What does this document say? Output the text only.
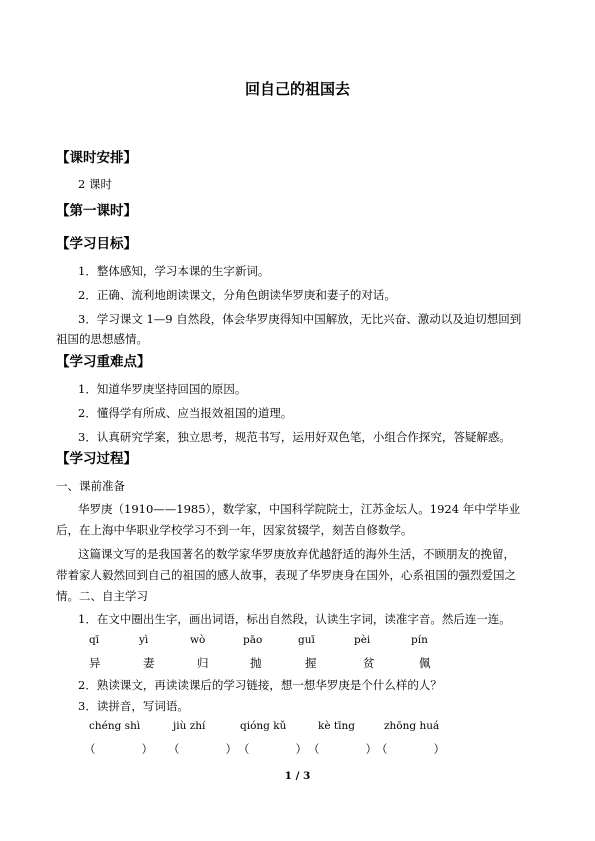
回自己的祖国去
【课时安排】
2 课时
【第一课时】
【学习目标】
1．整体感知，学习本课的生字新词。
2．正确、流利地朗读课文，分角色朗读华罗庚和妻子的对话。
3．学习课文 1—9 自然段，体会华罗庚得知中国解放，无比兴奋、激动以及迫切想回到
祖国的思想感情。
【学习重难点】
1．知道华罗庚坚持回国的原因。
2．懂得学有所成、应当报效祖国的道理。
3．认真研究学案，独立思考，规范书写，运用好双色笔，小组合作探究，答疑解惑。
【学习过程】
一、课前准备
华罗庚（1910——1985），数学家，中国科学院院士，江苏金坛人。1924 年中学毕业
后，在上海中华职业学校学习不到一年，因家贫辍学，刻苦自修数学。
这篇课文写的是我国著名的数学家华罗庚放弃优越舒适的海外生活，不顾朋友的挽留，
带着家人毅然回到自己的祖国的感人故事，表现了华罗庚身在国外，心系祖国的强烈爱国之
情。二、自主学习
1．在文中圈出生字，画出词语，标出自然段，认读生字词，读准字音。然后连一连。
qī	yì	wò	pāo	guī	pèi	pín
异	妻	归	抛	握	贫	佩
2．熟读课文，再读读课后的学习链接，想一想华罗庚是个什么样的人？
3．读拼音，写词语。
chéng shì	jiù zhí	qióng kǔ	kè tīng	zhōng huá
（　　　　） （　　　　） （　　　　） （　　　　） （　　　　）
1 / 3
